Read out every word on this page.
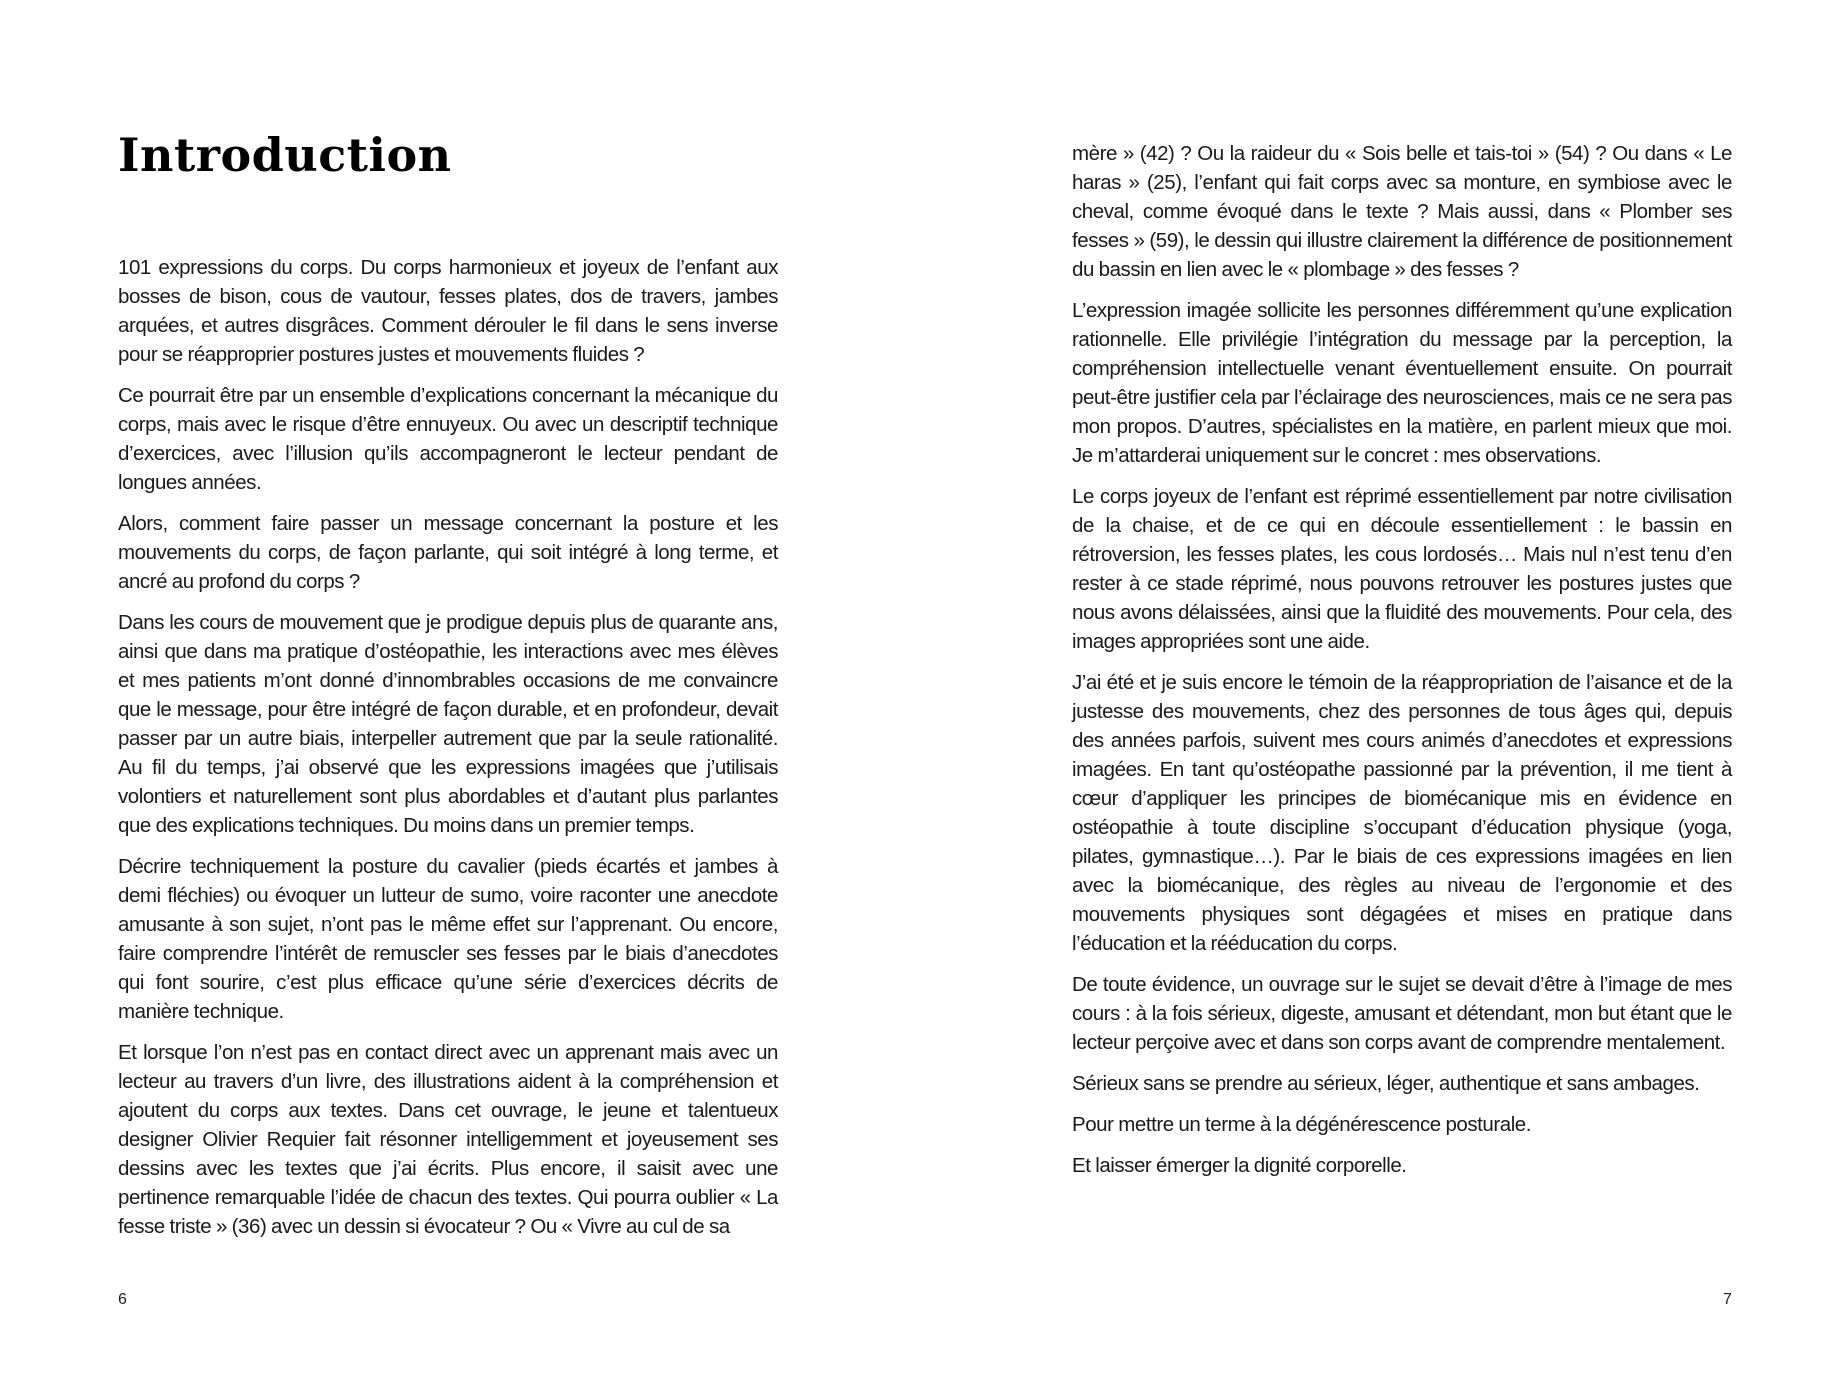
Introduction

101 expressions du corps. Du corps harmonieux et joyeux de l’enfant aux bosses de bison, cous de vautour, fesses plates, dos de travers, jambes arquées, et autres disgrâces. Comment dérouler le fil dans le sens inverse pour se réapproprier postures justes et mouvements fluides ?

Ce pourrait être par un ensemble d’explications concernant la mécanique du corps, mais avec le risque d’être ennuyeux. Ou avec un descriptif technique d’exercices, avec l’illusion qu’ils accompagneront le lecteur pendant de longues années.

Alors, comment faire passer un message concernant la posture et les mouvements du corps, de façon parlante, qui soit intégré à long terme, et ancré au profond du corps ?

Dans les cours de mouvement que je prodigue depuis plus de quarante ans, ainsi que dans ma pratique d’ostéopathie, les interactions avec mes élèves et mes patients m’ont donné d’innombrables occasions de me convaincre que le message, pour être intégré de façon durable, et en profondeur, devait passer par un autre biais, interpeller autrement que par la seule rationalité. Au fil du temps, j’ai observé que les expressions imagées que j’utilisais volontiers et naturellement sont plus abordables et d’autant plus parlantes que des explications techniques. Du moins dans un premier temps.

Décrire techniquement la posture du cavalier (pieds écartés et jambes à demi fléchies) ou évoquer un lutteur de sumo, voire raconter une anecdote amusante à son sujet, n’ont pas le même effet sur l’apprenant. Ou encore, faire comprendre l’intérêt de remuscler ses fesses par le biais d’anecdotes qui font sourire, c’est plus efficace qu’une série d’exercices décrits de manière technique.

Et lorsque l’on n’est pas en contact direct avec un apprenant mais avec un lecteur au travers d’un livre, des illustrations aident à la compréhension et ajoutent du corps aux textes. Dans cet ouvrage, le jeune et talentueux designer Olivier Requier fait résonner intelligemment et joyeusement ses dessins avec les textes que j’ai écrits. Plus encore, il saisit avec une pertinence remarquable l’idée de chacun des textes. Qui pourra oublier « La fesse triste » (36) avec un dessin si évocateur ? Ou « Vivre au cul de sa

6

mère » (42) ? Ou la raideur du « Sois belle et tais-toi » (54) ? Ou dans « Le haras » (25), l’enfant qui fait corps avec sa monture, en symbiose avec le cheval, comme évoqué dans le texte ? Mais aussi, dans « Plomber ses fesses » (59), le dessin qui illustre clairement la différence de positionnement du bassin en lien avec le « plombage » des fesses ?

L’expression imagée sollicite les personnes différemment qu’une explication rationnelle. Elle privilégie l’intégration du message par la perception, la compréhension intellectuelle venant éventuellement ensuite. On pourrait peut-être justifier cela par l’éclairage des neurosciences, mais ce ne sera pas mon propos. D’autres, spécialistes en la matière, en parlent mieux que moi. Je m’attarderai uniquement sur le concret : mes observations.

Le corps joyeux de l’enfant est réprimé essentiellement par notre civilisation de la chaise, et de ce qui en découle essentiellement : le bassin en rétroversion, les fesses plates, les cous lordosés… Mais nul n’est tenu d’en rester à ce stade réprimé, nous pouvons retrouver les postures justes que nous avons délaissées, ainsi que la fluidité des mouvements. Pour cela, des images appropriées sont une aide.

J’ai été et je suis encore le témoin de la réappropriation de l’aisance et de la justesse des mouvements, chez des personnes de tous âges qui, depuis des années parfois, suivent mes cours animés d’anecdotes et expressions imagées. En tant qu’ostéopathe passionné par la prévention, il me tient à cœur d’appliquer les principes de biomécanique mis en évidence en ostéopathie à toute discipline s’occupant d’éducation physique (yoga, pilates, gymnastique…). Par le biais de ces expressions imagées en lien avec la biomécanique, des règles au niveau de l’ergonomie et des mouvements physiques sont dégagées et mises en pratique dans l’éducation et la rééducation du corps.

De toute évidence, un ouvrage sur le sujet se devait d’être à l’image de mes cours : à la fois sérieux, digeste, amusant et détendant, mon but étant que le lecteur perçoive avec et dans son corps avant de comprendre mentalement.

Sérieux sans se prendre au sérieux, léger, authentique et sans ambages.

Pour mettre un terme à la dégénérescence posturale.

Et laisser émerger la dignité corporelle.

7
